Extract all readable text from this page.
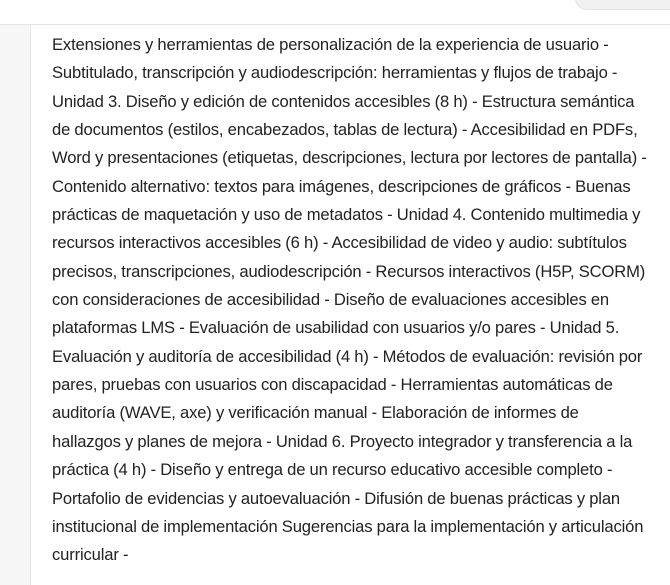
Extensiones y herramientas de personalización de la experiencia de usuario - Subtitulado, transcripción y audiodescripción: herramientas y flujos de trabajo - Unidad 3. Diseño y edición de contenidos accesibles (8 h) - Estructura semántica de documentos (estilos, encabezados, tablas de lectura) - Accesibilidad en PDFs, Word y presentaciones (etiquetas, descripciones, lectura por lectores de pantalla) - Contenido alternativo: textos para imágenes, descripciones de gráficos - Buenas prácticas de maquetación y uso de metadatos - Unidad 4. Contenido multimedia y recursos interactivos accesibles (6 h) - Accesibilidad de video y audio: subtítulos precisos, transcripciones, audiodescripción - Recursos interactivos (H5P, SCORM) con consideraciones de accesibilidad - Diseño de evaluaciones accesibles en plataformas LMS - Evaluación de usabilidad con usuarios y/o pares - Unidad 5. Evaluación y auditoría de accesibilidad (4 h) - Métodos de evaluación: revisión por pares, pruebas con usuarios con discapacidad - Herramientas automáticas de auditoría (WAVE, axe) y verificación manual - Elaboración de informes de hallazgos y planes de mejora - Unidad 6. Proyecto integrador y transferencia a la práctica (4 h) - Diseño y entrega de un recurso educativo accesible completo - Portafolio de evidencias y autoevaluación - Difusión de buenas prácticas y plan institucional de implementación Sugerencias para la implementación y articulación curricular -
